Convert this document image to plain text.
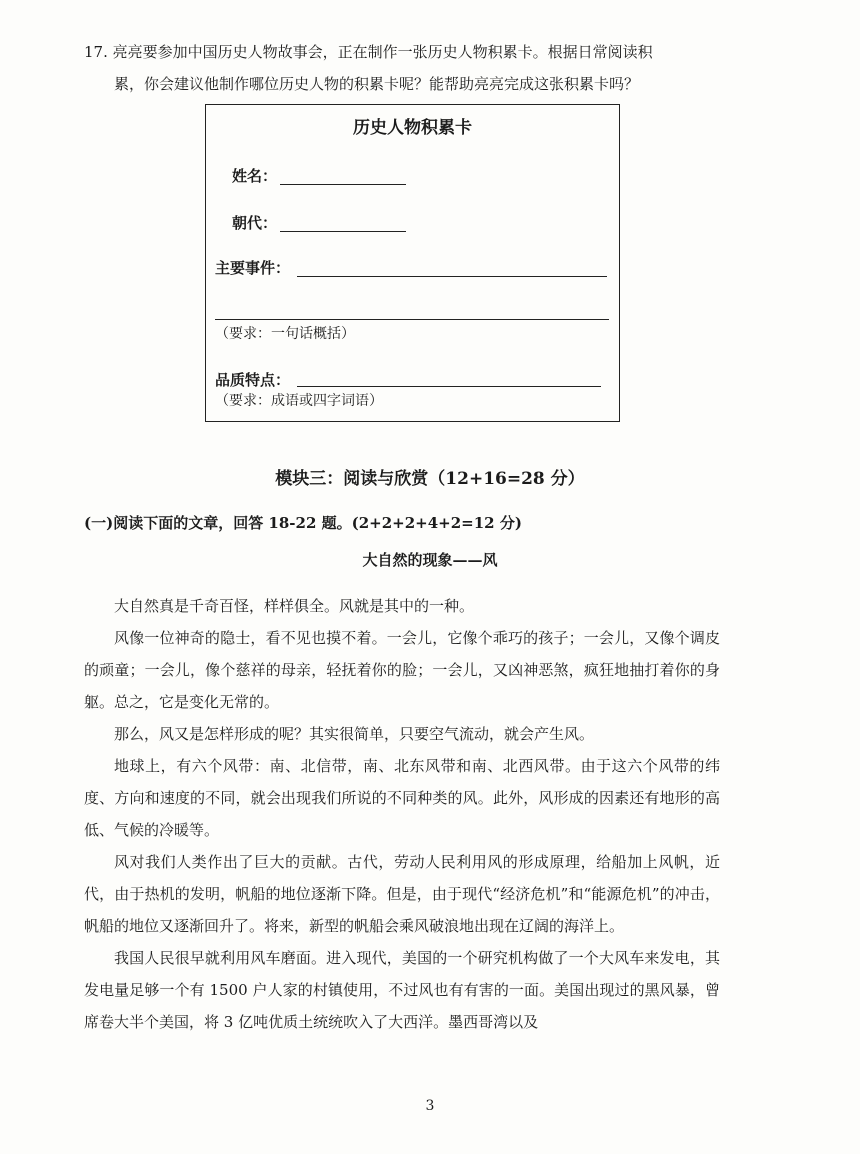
17. 亮亮要参加中国历史人物故事会，正在制作一张历史人物积累卡。根据日常阅读积
累，你会建议他制作哪位历史人物的积累卡呢？能帮助亮亮完成这张积累卡吗？
历史人物积累卡
姓名：
朝代：
主要事件：
（要求：一句话概括）
品质特点：
（要求：成语或四字词语）
模块三：阅读与欣赏（12+16=28 分）
(一)阅读下面的文章，回答 18-22 题。(2+2+2+4+2=12 分)
大自然的现象——风

大自然真是千奇百怪，样样俱全。风就是其中的一种。

风像一位神奇的隐士，看不见也摸不着。一会儿，它像个乖巧的孩子；一会儿，又像个调皮的顽童；一会儿，像个慈祥的母亲，轻抚着你的脸；一会儿，又凶神恶煞，疯狂地抽打着你的身躯。总之，它是变化无常的。

那么，风又是怎样形成的呢？其实很简单，只要空气流动，就会产生风。

地球上，有六个风带：南、北信带，南、北东风带和南、北西风带。由于这六个风带的纬度、方向和速度的不同，就会出现我们所说的不同种类的风。此外，风形成的因素还有地形的高低、气候的冷暖等。

风对我们人类作出了巨大的贡献。古代，劳动人民利用风的形成原理，给船加上风帆，近代，由于热机的发明，帆船的地位逐渐下降。但是，由于现代“经济危机”和“能源危机”的冲击，帆船的地位又逐渐回升了。将来，新型的帆船会乘风破浪地出现在辽阔的海洋上。

我国人民很早就利用风车磨面。进入现代，美国的一个研究机构做了一个大风车来发电，其发电量足够一个有 1500 户人家的村镇使用，不过风也有有害的一面。美国出现过的黑风暴，曾席卷大半个美国，将 3 亿吨优质土统统吹入了大西洋。墨西哥湾以及

3
